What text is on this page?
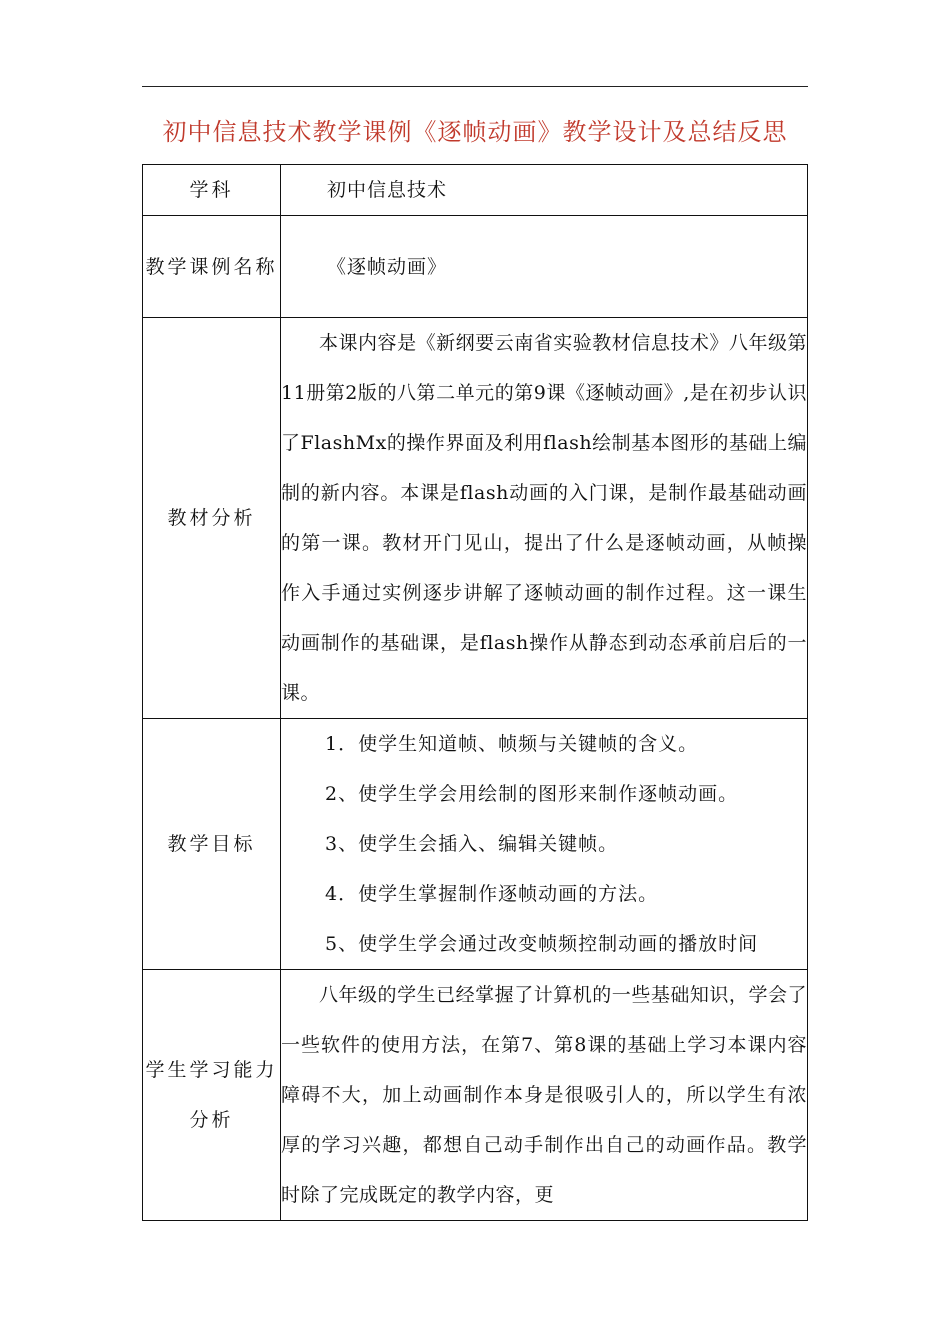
初中信息技术教学课例《逐帧动画》教学设计及总结反思
学科	初中信息技术

教学课例名称	《逐帧动画》

教材分析	本课内容是《新纲要云南省实验教材信息技术》八年级第11册第2版的八第二单元的第9课《逐帧动画》,是在初步认识了FlashMx的操作界面及利用flash绘制基本图形的基础上编制的新内容。本课是flash动画的入门课，是制作最基础动画的第一课。教材开门见山，提出了什么是逐帧动画，从帧操作入手通过实例逐步讲解了逐帧动画的制作过程。这一课生动画制作的基础课，是flash操作从静态到动态承前启后的一课。

教学目标	1．使学生知道帧、帧频与关键帧的含义。
2、使学生学会用绘制的图形来制作逐帧动画。
3、使学生会插入、编辑关键帧。
4．使学生掌握制作逐帧动画的方法。
5、使学生学会通过改变帧频控制动画的播放时间

学生学习能力分析	八年级的学生已经掌握了计算机的一些基础知识，学会了一些软件的使用方法，在第7、第8课的基础上学习本课内容障碍不大，加上动画制作本身是很吸引人的，所以学生有浓厚的学习兴趣，都想自己动手制作出自己的动画作品。教学时除了完成既定的教学内容，更
